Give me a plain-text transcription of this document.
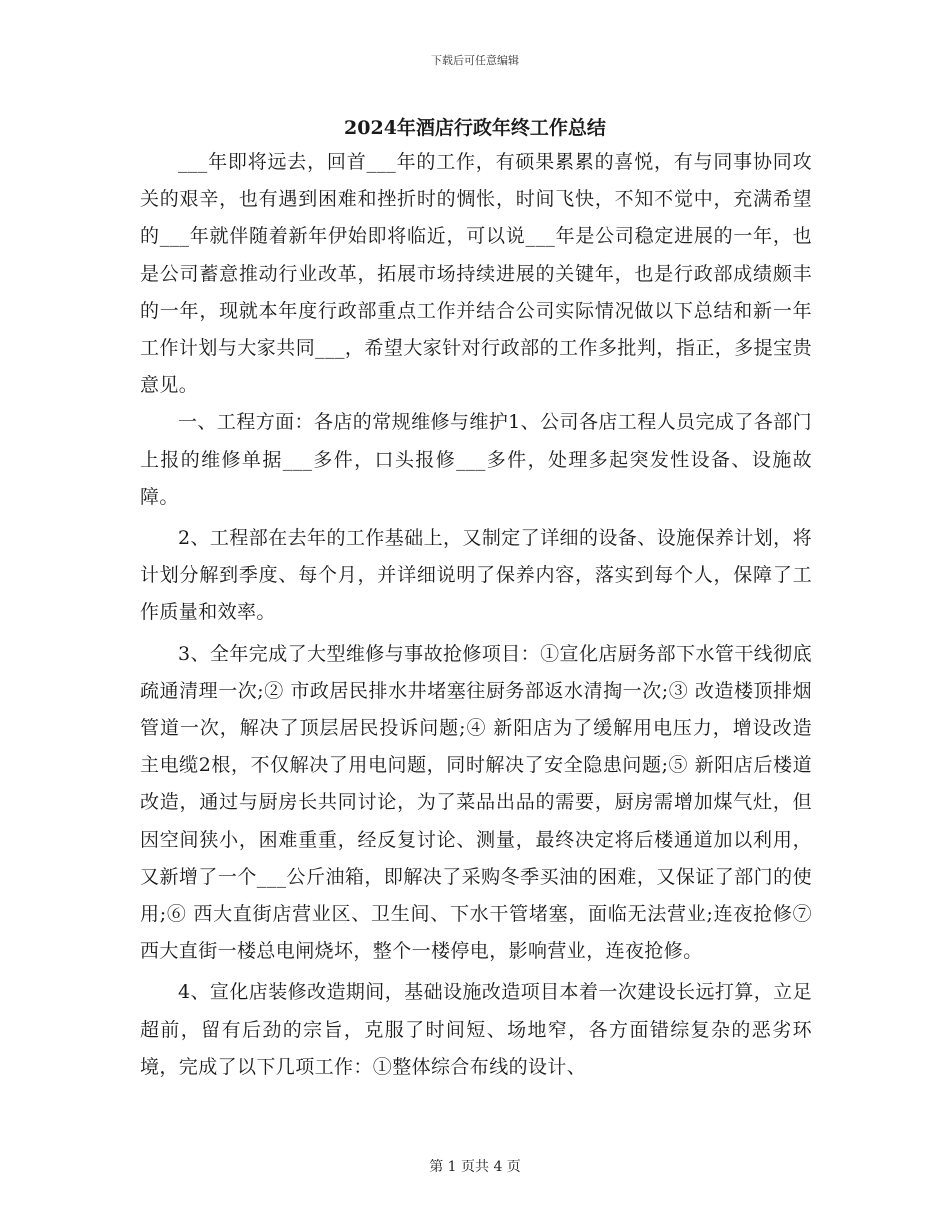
下载后可任意编辑
2024年酒店行政年终工作总结

___年即将远去，回首___年的工作，有硕果累累的喜悦，有与同事协同攻关的艰辛，也有遇到困难和挫折时的惆怅，时间飞快，不知不觉中，充满希望的___年就伴随着新年伊始即将临近，可以说___年是公司稳定进展的一年，也是公司蓄意推动行业改革，拓展市场持续进展的关键年，也是行政部成绩颇丰的一年，现就本年度行政部重点工作并结合公司实际情况做以下总结和新一年工作计划与大家共同___，希望大家针对行政部的工作多批判，指正，多提宝贵意见。

一、工程方面：各店的常规维修与维护1、公司各店工程人员完成了各部门上报的维修单据___多件，口头报修___多件，处理多起突发性设备、设施故障。

2、工程部在去年的工作基础上，又制定了详细的设备、设施保养计划，将计划分解到季度、每个月，并详细说明了保养内容，落实到每个人，保障了工作质量和效率。

3、全年完成了大型维修与事故抢修项目：①宣化店厨务部下水管干线彻底疏通清理一次;② 市政居民排水井堵塞往厨务部返水清掏一次;③ 改造楼顶排烟管道一次，解决了顶层居民投诉问题;④ 新阳店为了缓解用电压力，增设改造主电缆2根，不仅解决了用电问题，同时解决了安全隐患问题;⑤ 新阳店后楼道改造，通过与厨房长共同讨论，为了菜品出品的需要，厨房需增加煤气灶，但因空间狭小，困难重重，经反复讨论、测量，最终决定将后楼通道加以利用，又新增了一个___公斤油箱，即解决了采购冬季买油的困难，又保证了部门的使用;⑥ 西大直街店营业区、卫生间、下水干管堵塞，面临无法营业;连夜抢修⑦ 西大直街一楼总电闸烧坏，整个一楼停电，影响营业，连夜抢修。

4、宣化店装修改造期间，基础设施改造项目本着一次建设长远打算，立足超前，留有后劲的宗旨，克服了时间短、场地窄，各方面错综复杂的恶劣环境，完成了以下几项工作：①整体综合布线的设计、

第 1 页共 4 页
